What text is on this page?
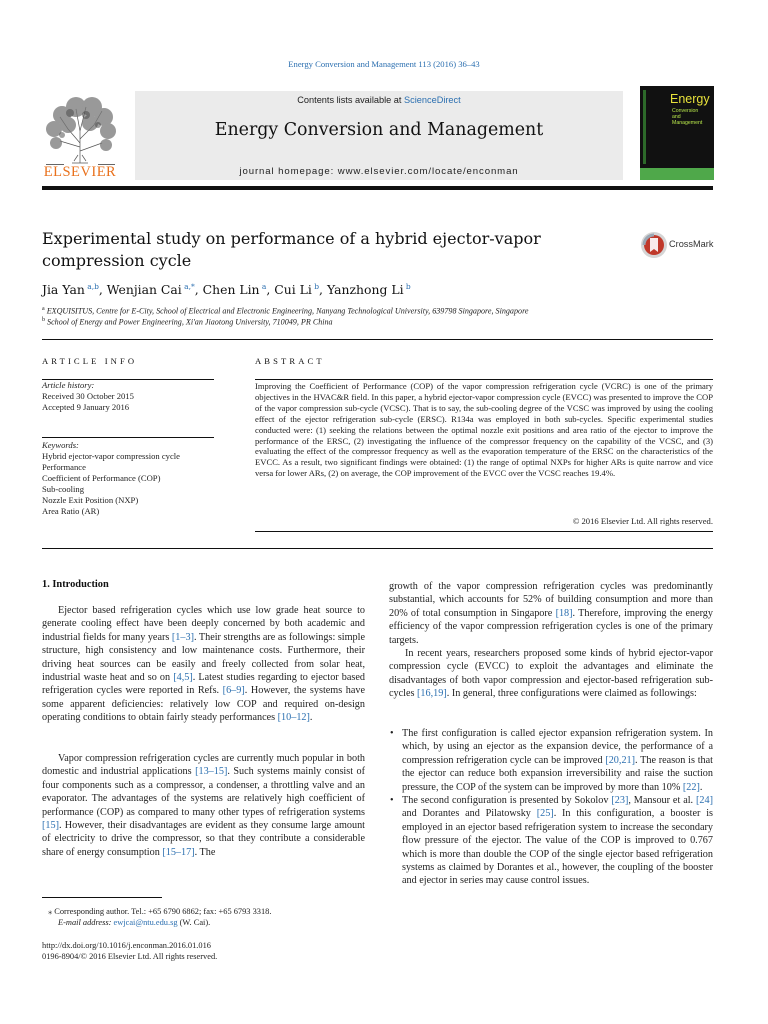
Energy Conversion and Management 113 (2016) 36–43
ELSEVIER
Contents lists available at ScienceDirect
Energy Conversion and Management
journal homepage: www.elsevier.com/locate/enconman
Energy
Conversion
and
Management
Experimental study on performance of a hybrid ejector-vapor
compression cycle
CrossMark
Jia Yan $^{a,b}$, Wenjian Cai $^{a,*}$, Chen Lin $^a$, Cui Li $^b$, Yanzhong Li $^b$
$^a$ EXQUISITUS, Centre for E-City, School of Electrical and Electronic Engineering, Nanyang Technological University, 639798 Singapore, Singapore
$^b$ School of Energy and Power Engineering, Xi'an Jiaotong University, 710049, PR China
ARTICLE INFO	ABSTRACT
Article history:
Received 30 October 2015
Accepted 9 January 2016
Keywords:
Hybrid ejector-vapor compression cycle
Performance
Coefficient of Performance (COP)
Sub-cooling
Nozzle Exit Position (NXP)
Area Ratio (AR)
Improving the Coefficient of Performance (COP) of the vapor compression refrigeration cycle (VCRC) is one of the primary objectives in the HVAC&R field. In this paper, a hybrid ejector-vapor compression cycle (EVCC) was presented to improve the COP of the vapor compression sub-cycle (VCSC). That is to say, the sub-cooling degree of the VCSC was improved by using the cooling effect of the ejector refrigeration sub-cycle (ERSC). R134a was employed in both sub-cycles. Specific experimental studies conducted were: (1) seeking the relations between the optimal nozzle exit positions and area ratio of the ejector to improve the performance of the ERSC, (2) investigating the influence of the compressor frequency on the capability of the VCSC, and (3) evaluating the effect of the compressor frequency as well as the evaporation temperature of the ERSC on the characteristics of the EVCC. As a result, two significant findings were obtained: (1) the range of optimal NXPs for higher ARs is quite narrow and vice versa for lower ARs, (2) on average, the COP improvement of the EVCC over the VCSC reaches 19.4%.
© 2016 Elsevier Ltd. All rights reserved.
1. Introduction

Ejector based refrigeration cycles which use low grade heat source to generate cooling effect have been deeply concerned by both academic and industrial fields for many years [1–3]. Their strengths are as followings: simple structure, high consistency and low maintenance costs. Furthermore, their driving heat sources can be easily and freely collected from solar heat, industrial waste heat and so on [4,5]. Latest studies regarding to ejector based refrigeration cycles were reported in Refs. [6–9]. However, the systems have some apparent deficiencies: relatively low COP and required on-design operating conditions to obtain fairly steady performances [10–12].

Vapor compression refrigeration cycles are currently much popular in both domestic and industrial applications [13–15]. Such systems mainly consist of four components such as a compressor, a condenser, a throttling valve and an evaporator. The advantages of the systems are relatively high coefficient of performance (COP) as compared to many other types of refrigeration systems [15]. However, their disadvantages are evident as they consume large amount of electricity to drive the compressor, so that they contribute a considerable share of energy consumption [15–17]. The

growth of the vapor compression refrigeration cycles was predominantly substantial, which accounts for 52% of building consumption and more than 20% of total consumption in Singapore [18]. Therefore, improving the energy efficiency of the vapor compression refrigeration cycles is one of the primary targets.

In recent years, researchers proposed some kinds of hybrid ejector-vapor compression cycle (EVCC) to exploit the advantages and eliminate the disadvantages of both vapor compression and ejector-based refrigeration sub-cycles [16,19]. In general, three configurations were claimed as followings:

• The first configuration is called ejector expansion refrigeration system. In which, by using an ejector as the expansion device, the performance of a compression refrigeration cycle can be improved [20,21]. The reason is that the ejector can reduce both expansion irreversibility and raise the suction pressure, the COP of the system can be improved by more than 10% [22].
• The second configuration is presented by Sokolov [23], Mansour et al. [24] and Dorantes and Pilatowsky [25]. In this configuration, a booster is employed in an ejector based refrigeration system to increase the secondary flow pressure of the ejector. The value of the COP is improved to 0.767 which is more than double the COP of the single ejector based refrigeration systems as claimed by Dorantes et al., however, the coupling of the booster and ejector in series may cause control issues.
⁎ Corresponding author. Tel.: +65 6790 6862; fax: +65 6793 3318.
E-mail address: ewjcai@ntu.edu.sg (W. Cai).
http://dx.doi.org/10.1016/j.enconman.2016.01.016
0196-8904/© 2016 Elsevier Ltd. All rights reserved.
